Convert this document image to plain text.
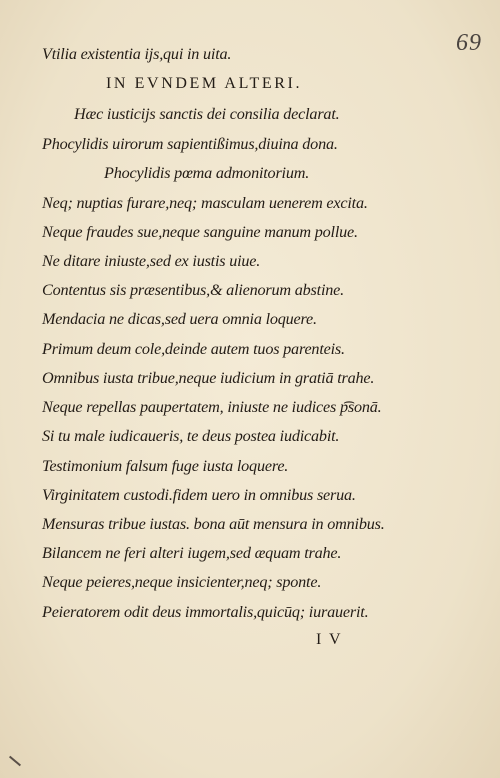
69
Vtilia existentia ijs,qui in uita.
IN EVNDEM ALTERI.
Hæc iusticijs sanctis dei consilia declarat.
Phocylidis uirorum sapientißimus,diuina dona.
Phocylidis pœma admonitorium.
Neq; nuptias furare,neq; masculam uenerem excita.
Neque fraudes sue,neque sanguine manum pollue.
Ne ditare iniuste,sed ex iustis uiue.
Contentus sis præsentibus,& alienorum abstine.
Mendacia ne dicas,sed uera omnia loquere.
Primum deum cole,deinde autem tuos parenteis.
Omnibus iusta tribue,neque iudicium in gratiā trahe.
Neque repellas paupertatem, iniuste ne iudices p͡sonā.
Si tu male iudicaueris, te deus postea iudicabit.
Testimonium falsum fuge iusta loquere.
Virginitatem custodi.fidem uero in omnibus serua.
Mensuras tribue iustas. bona aūt mensura in omnibus.
Bilancem ne feri alteri iugem,sed æquam trahe.
Neque peieres,neque insicienter,neq; sponte.
Peieratorem odit deus immortalis,quicūq; iurauerit.
I V
